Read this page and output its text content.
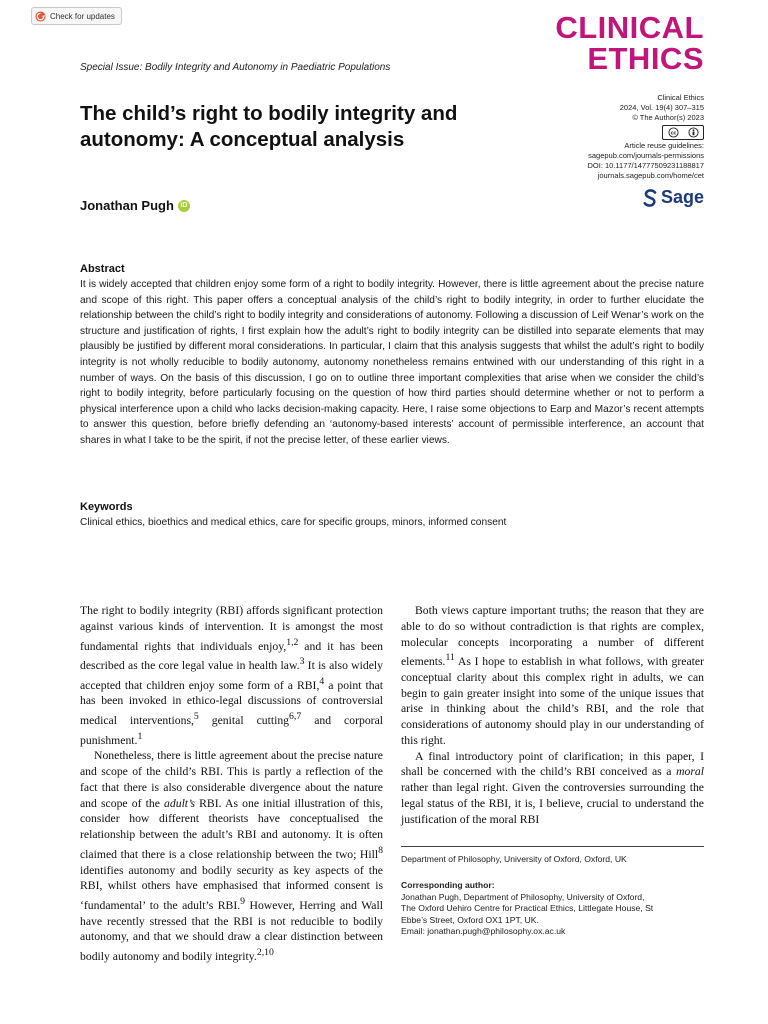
Check for updates	CLINICAL
ETHICS
Special Issue: Bodily Integrity and Autonomy in Paediatric Populations
The child’s right to bodily integrity and autonomy: A conceptual analysis
Clinical Ethics
2024, Vol. 19(4) 307–315
© The Author(s) 2023
cc
Article reuse guidelines:
sagepub.com/journals-permissions
DOI: 10.1177/14777509231188817
journals.sagepub.com/home/cet
Sage
Jonathan Pugh iD
Abstract
It is widely accepted that children enjoy some form of a right to bodily integrity. However, there is little agreement about the precise nature and scope of this right. This paper offers a conceptual analysis of the child’s right to bodily integrity, in order to further elucidate the relationship between the child’s right to bodily integrity and considerations of autonomy. Following a discussion of Leif Wenar’s work on the structure and justification of rights, I first explain how the adult’s right to bodily integrity can be distilled into separate elements that may plausibly be justified by different moral considerations. In particular, I claim that this analysis suggests that whilst the adult’s right to bodily integrity is not wholly reducible to bodily autonomy, autonomy nonetheless remains entwined with our understanding of this right in a number of ways. On the basis of this discussion, I go on to outline three important complexities that arise when we consider the child’s right to bodily integrity, before particularly focusing on the question of how third parties should determine whether or not to perform a physical interference upon a child who lacks decision-making capacity. Here, I raise some objections to Earp and Mazor’s recent attempts to answer this question, before briefly defending an ‘autonomy-based interests’ account of permissible interference, an account that shares in what I take to be the spirit, if not the precise letter, of these earlier views.
Keywords
Clinical ethics, bioethics and medical ethics, care for specific groups, minors, informed consent

The right to bodily integrity (RBI) affords significant protection against various kinds of intervention. It is amongst the most fundamental rights that individuals enjoy,$^{1,2}$ and it has been described as the core legal value in health law.$^3$ It is also widely accepted that children enjoy some form of a RBI,$^4$ a point that has been invoked in ethico-legal discussions of controversial medical interventions,$^5$ genital cutting$^{6,7}$ and corporal punishment.$^1$

Nonetheless, there is little agreement about the precise nature and scope of the child’s RBI. This is partly a reflection of the fact that there is also considerable divergence about the nature and scope of the adult’s RBI. As one initial illustration of this, consider how different theorists have conceptualised the relationship between the adult’s RBI and autonomy. It is often claimed that there is a close relationship between the two; Hill$^8$ identifies autonomy and bodily security as key aspects of the RBI, whilst others have emphasised that informed consent is ‘fundamental’ to the adult’s RBI.$^9$ However, Herring and Wall have recently stressed that the RBI is not reducible to bodily autonomy, and that we should draw a clear distinction between bodily autonomy and bodily integrity.$^{2,10}$

Both views capture important truths; the reason that they are able to do so without contradiction is that rights are complex, molecular concepts incorporating a number of different elements.$^{11}$ As I hope to establish in what follows, with greater conceptual clarity about this complex right in adults, we can begin to gain greater insight into some of the unique issues that arise in thinking about the child’s RBI, and the role that considerations of autonomy should play in our understanding of this right.

A final introductory point of clarification; in this paper, I shall be concerned with the child’s RBI conceived as a moral rather than legal right. Given the controversies surrounding the legal status of the RBI, it is, I believe, crucial to understand the justification of the moral RBI

Department of Philosophy, University of Oxford, Oxford, UK
Corresponding author:
Jonathan Pugh, Department of Philosophy, University of Oxford,
The Oxford Uehiro Centre for Practical Ethics, Littlegate House, St
Ebbe’s Street, Oxford OX1 1PT, UK.
Email: jonathan.pugh@philosophy.ox.ac.uk
